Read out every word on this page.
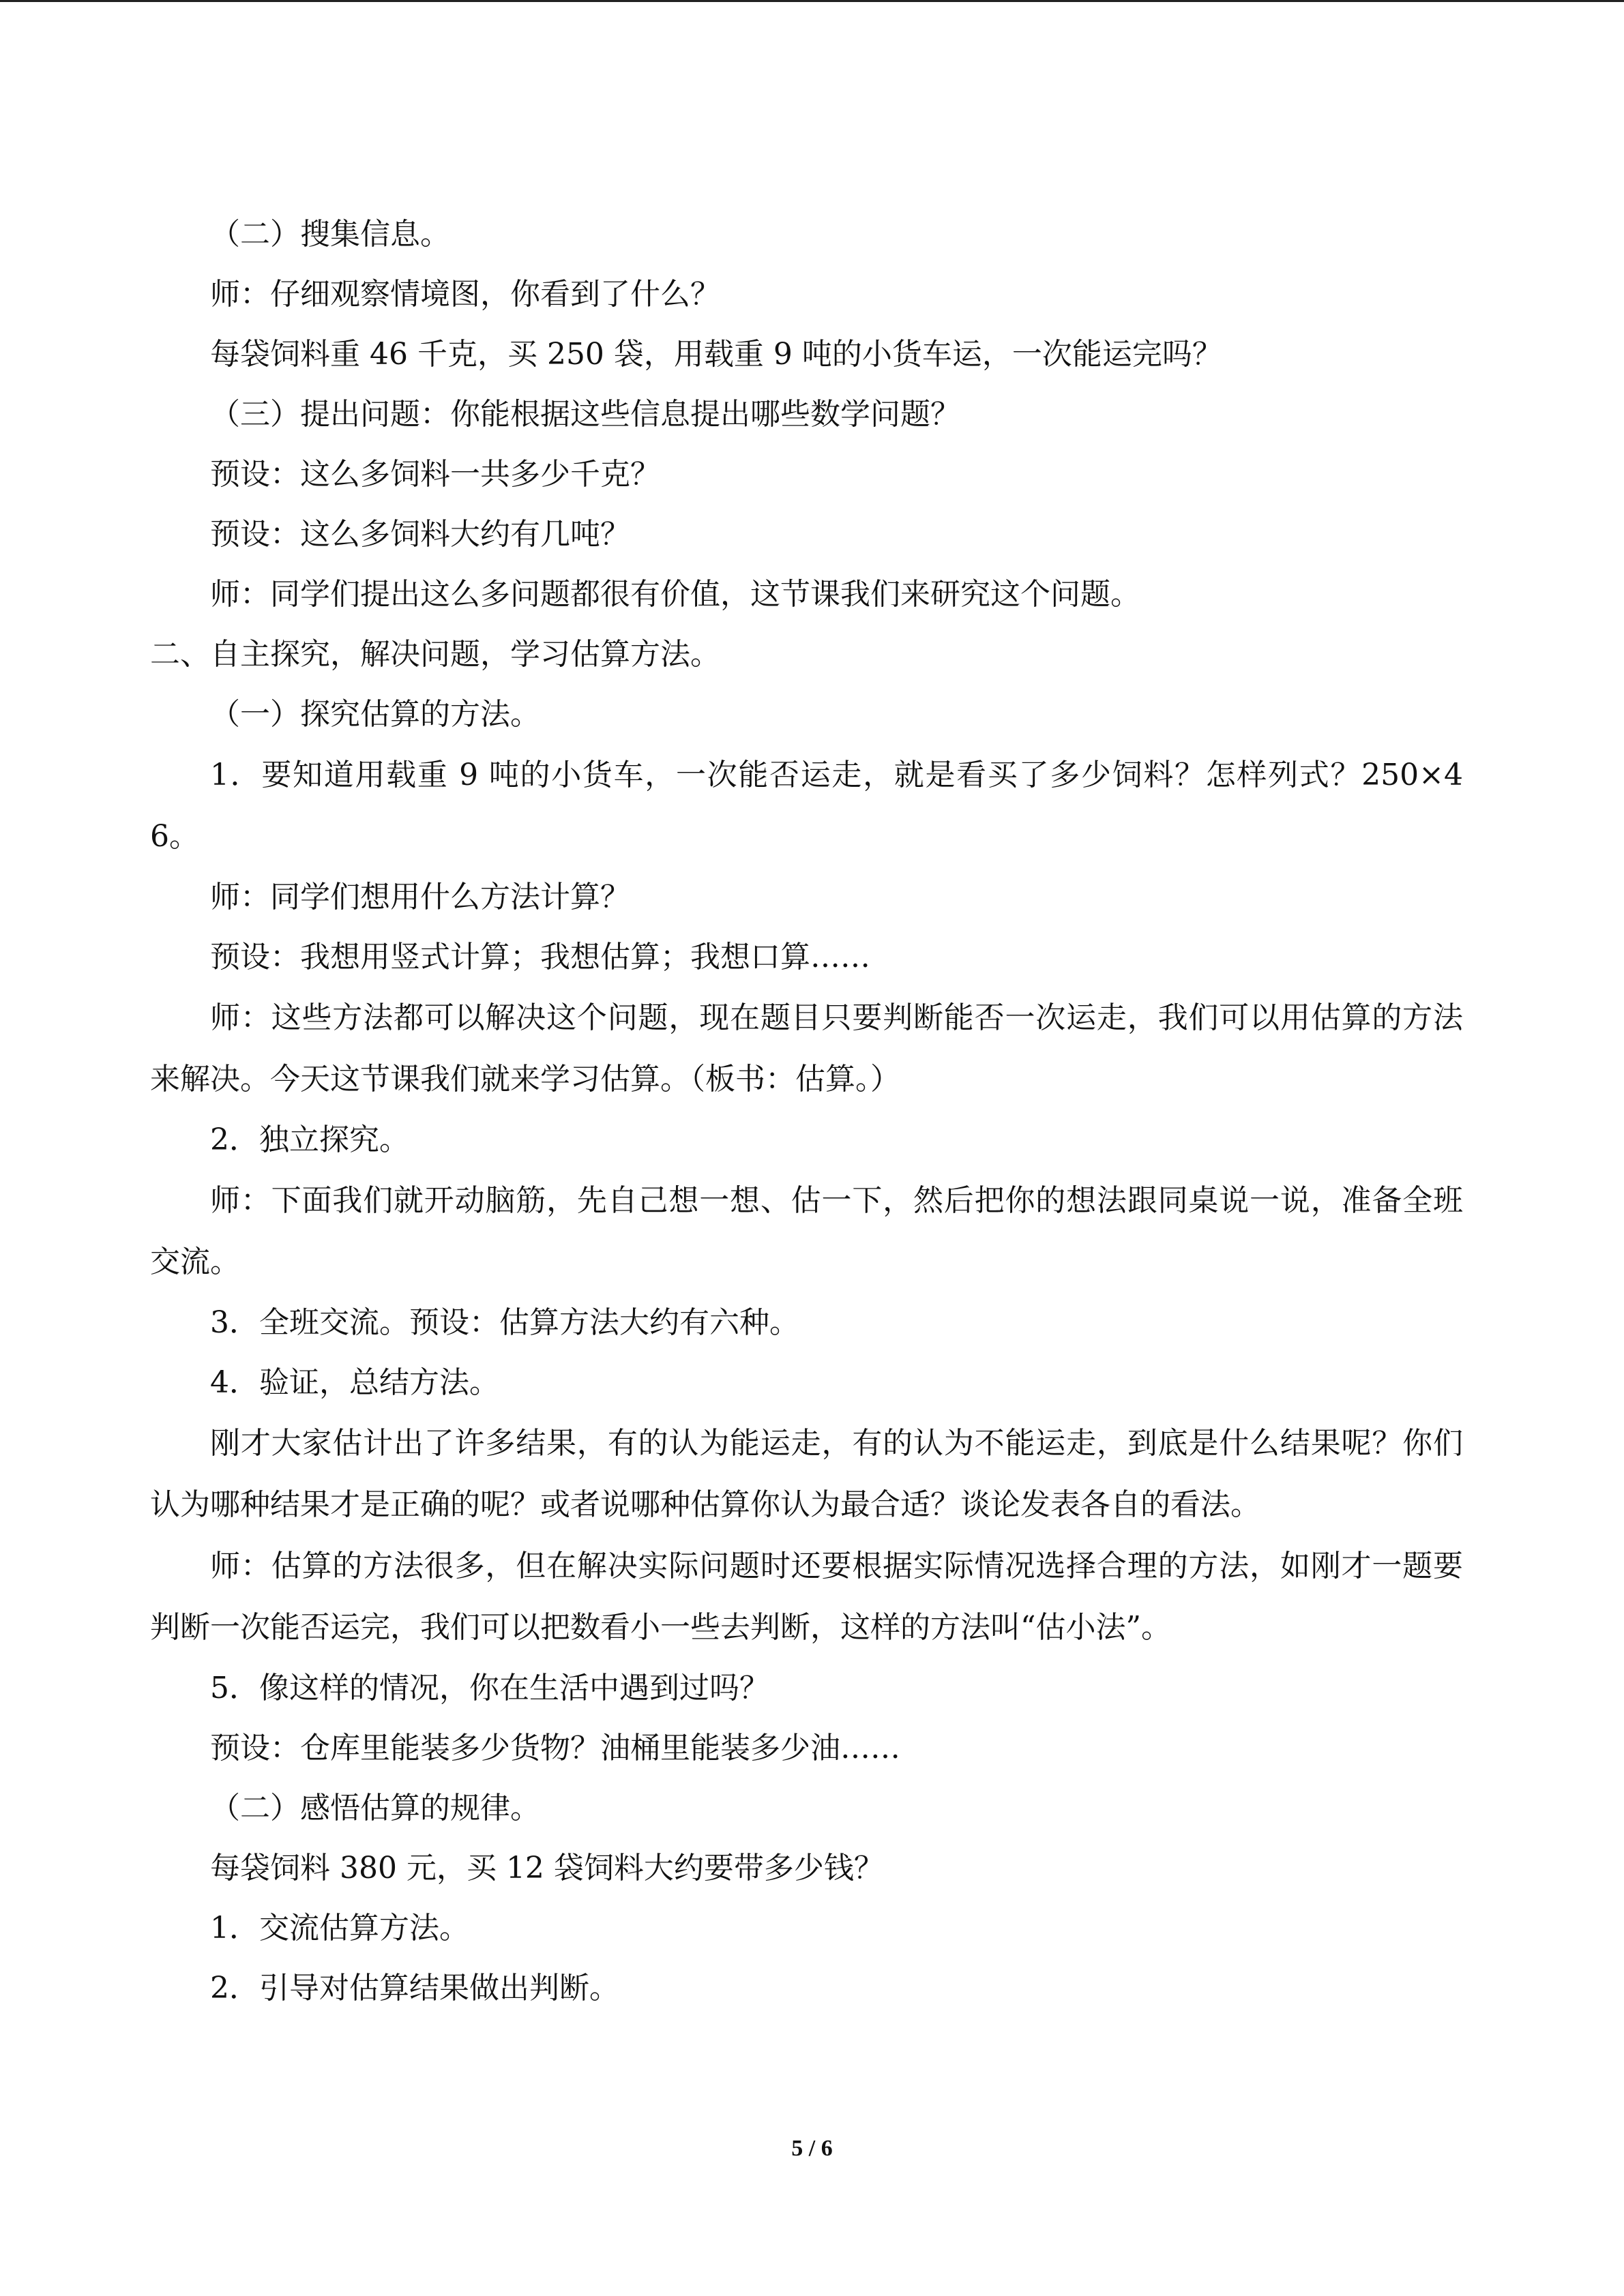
（二）搜集信息。

师：仔细观察情境图，你看到了什么？

每袋饲料重 46 千克，买 250 袋，用载重 9 吨的小货车运，一次能运完吗？

（三）提出问题：你能根据这些信息提出哪些数学问题？

预设：这么多饲料一共多少千克？

预设：这么多饲料大约有几吨？

师：同学们提出这么多问题都很有价值，这节课我们来研究这个问题。

二、自主探究，解决问题，学习估算方法。

（一）探究估算的方法。

1．要知道用载重 9 吨的小货车，一次能否运走，就是看买了多少饲料？怎样列式？250×46。

师：同学们想用什么方法计算？

预设：我想用竖式计算；我想估算；我想口算……

师：这些方法都可以解决这个问题，现在题目只要判断能否一次运走，我们可以用估算的方法来解决。今天这节课我们就来学习估算。（板书：估算。）

2．独立探究。

师：下面我们就开动脑筋，先自己想一想、估一下，然后把你的想法跟同桌说一说，准备全班交流。

3．全班交流。预设：估算方法大约有六种。

4．验证，总结方法。

刚才大家估计出了许多结果，有的认为能运走，有的认为不能运走，到底是什么结果呢？你们认为哪种结果才是正确的呢？或者说哪种估算你认为最合适？谈论发表各自的看法。

师：估算的方法很多，但在解决实际问题时还要根据实际情况选择合理的方法，如刚才一题要判断一次能否运完，我们可以把数看小一些去判断，这样的方法叫“估小法”。

5．像这样的情况，你在生活中遇到过吗？

预设：仓库里能装多少货物？油桶里能装多少油……

（二）感悟估算的规律。

每袋饲料 380 元，买 12 袋饲料大约要带多少钱？

1．交流估算方法。

2．引导对估算结果做出判断。

5 / 6
